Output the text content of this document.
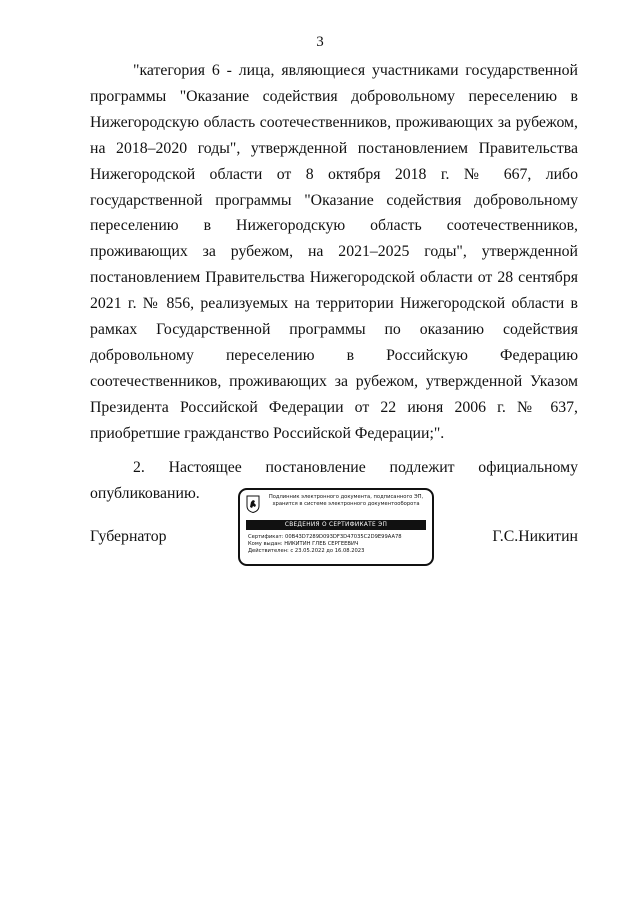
3

"категория 6 - лица, являющиеся участниками государственной программы "Оказание содействия добровольному переселению в Нижегородскую область соотечественников, проживающих за рубежом, на 2018–2020 годы", утвержденной постановлением Правительства Нижегородской области от 8 октября 2018 г. № 667, либо государственной программы "Оказание содействия добровольному переселению в Нижегородскую область соотечественников, проживающих за рубежом, на 2021–2025 годы", утвержденной постановлением Правительства Нижегородской области от 28 сентября 2021 г. № 856, реализуемых на территории Нижегородской области в рамках Государственной программы по оказанию содействия добровольному переселению в Российскую Федерацию соотечественников, проживающих за рубежом, утвержденной Указом Президента Российской Федерации от 22 июня 2006 г. № 637, приобретшие гражданство Российской Федерации;".

2. Настоящее постановление подлежит официальному опубликованию.

Губернатор
Подлинник электронного документа, подписанного ЭП,
хранится в системе электронного документооборота
СВЕДЕНИЯ О СЕРТИФИКАТЕ ЭП
Сертификат: 00B43D7289D093DF3D47035C2D9E99AA78
Кому выдан: НИКИТИН ГЛЕБ СЕРГЕЕВИЧ
Действителен: с 23.05.2022 до 16.08.2023
Г.С.Никитин
